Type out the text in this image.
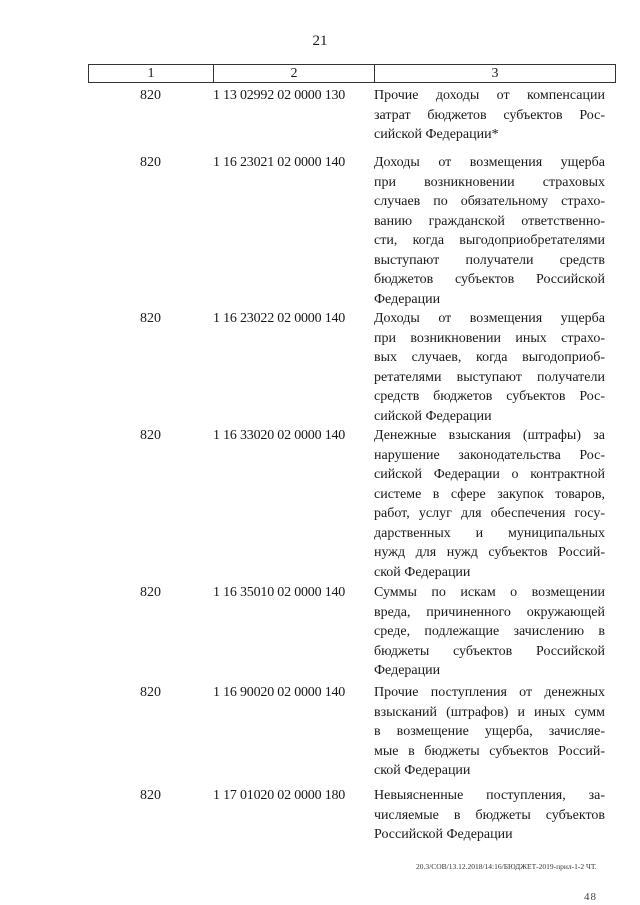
21
1	2	3
820	1 13 02992 02 0000 130	Прочие доходы от компенсации
затрат бюджетов субъектов Рос-
сийской Федерации*
820	1 16 23021 02 0000 140	Доходы от возмещения ущерба
при возникновении страховых
случаев по обязательному страхо-
ванию гражданской ответственно-
сти, когда выгодоприобретателями
выступают получатели средств
бюджетов субъектов Российской
Федерации
820	1 16 23022 02 0000 140	Доходы от возмещения ущерба
при возникновении иных страхо-
вых случаев, когда выгодоприоб-
ретателями выступают получатели
средств бюджетов субъектов Рос-
сийской Федерации
820	1 16 33020 02 0000 140	Денежные взыскания (штрафы) за
нарушение законодательства Рос-
сийской Федерации о контрактной
системе в сфере закупок товаров,
работ, услуг для обеспечения госу-
дарственных и муниципальных
нужд для нужд субъектов Россий-
ской Федерации
820	1 16 35010 02 0000 140	Суммы по искам о возмещении
вреда, причиненного окружающей
среде, подлежащие зачислению в
бюджеты субъектов Российской
Федерации
820	1 16 90020 02 0000 140	Прочие поступления от денежных
взысканий (штрафов) и иных сумм
в возмещение ущерба, зачисляе-
мые в бюджеты субъектов Россий-
ской Федерации
820	1 17 01020 02 0000 180	Невыясненные поступления, за-
числяемые в бюджеты субъектов
Российской Федерации
20.3/СОВ/13.12.2018/14:16/БЮДЖЕТ-2019-прил-1-2 ЧТ.
48
